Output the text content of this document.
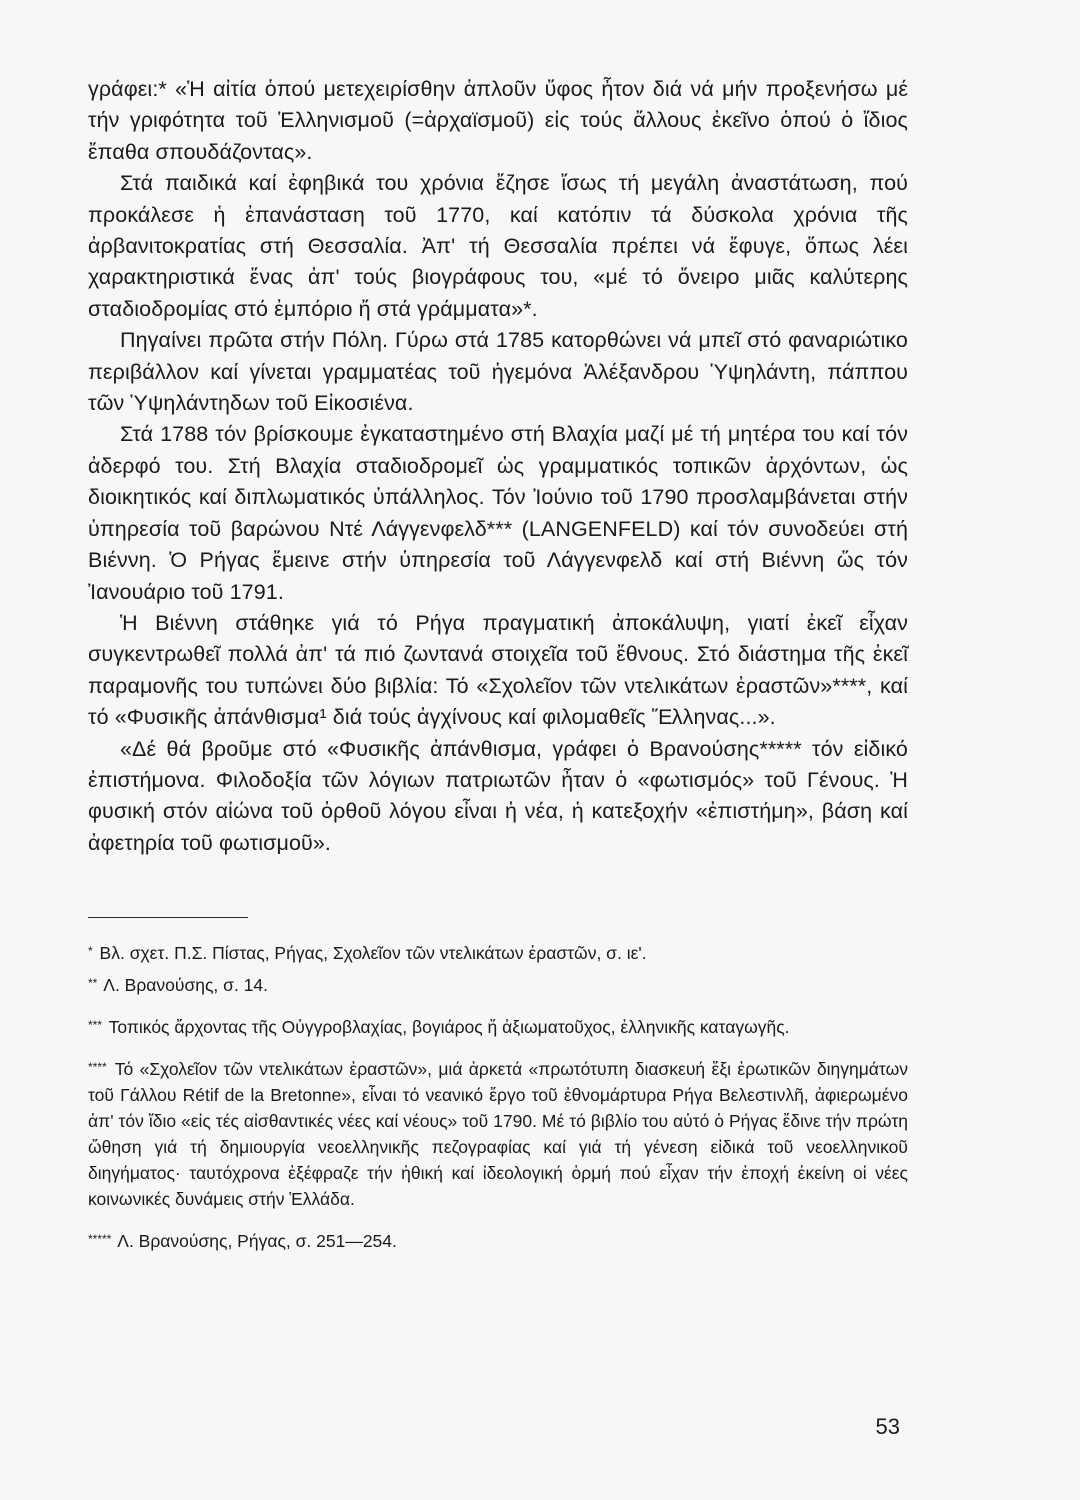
γράφει:* «Ἡ αἰτία ὁπού μετεχειρίσθην ἁπλοῦν ὕφος ἦτον διά νά μήν προξενήσω μέ τήν γριφότητα τοῦ Ἑλληνισμοῦ (=ἀρχαϊσμοῦ) εἰς τούς ἄλλους ἐκεῖνο ὁπού ὁ ἴδιος ἔπαθα σπουδάζοντας».

Στά παιδικά καί ἐφηβικά του χρόνια ἔζησε ἴσως τή μεγάλη ἀναστάτωση, πού προκάλεσε ἡ ἐπανάσταση τοῦ 1770, καί κατόπιν τά δύσκολα χρόνια τῆς ἀρβανιτοκρατίας στή Θεσσαλία. Ἀπ' τή Θεσσαλία πρέπει νά ἔφυγε, ὅπως λέει χαρακτηριστικά ἕνας ἀπ' τούς βιογράφους του, «μέ τό ὄνειρο μιᾶς καλύτερης σταδιοδρομίας στό ἐμπόριο ἤ στά γράμματα»*.

Πηγαίνει πρῶτα στήν Πόλη. Γύρω στά 1785 κατορθώνει νά μπεῖ στό φαναριώτικο περιβάλλον καί γίνεται γραμματέας τοῦ ἡγεμόνα Ἀλέξανδρου Ὑψηλάντη, πάππου τῶν Ὑψηλάντηδων τοῦ Εἰκοσιένα.

Στά 1788 τόν βρίσκουμε ἐγκαταστημένο στή Βλαχία μαζί μέ τή μητέρα του καί τόν ἀδερφό του. Στή Βλαχία σταδιοδρομεῖ ὡς γραμματικός τοπικῶν ἀρχόντων, ὡς διοικητικός καί διπλωματικός ὑπάλληλος. Τόν Ἰούνιο τοῦ 1790 προσλαμβάνεται στήν ὑπηρεσία τοῦ βαρώνου Ντέ Λάγγενφελδ*** (LANGENFELD) καί τόν συνοδεύει στή Βιέννη. Ὁ Ρήγας ἔμεινε στήν ὑπηρεσία τοῦ Λάγγενφελδ καί στή Βιέννη ὥς τόν Ἰανουάριο τοῦ 1791.

Ἡ Βιέννη στάθηκε γιά τό Ρήγα πραγματική ἀποκάλυψη, γιατί ἐκεῖ εἶχαν συγκεντρωθεῖ πολλά ἀπ' τά πιό ζωντανά στοιχεῖα τοῦ ἔθνους. Στό διάστημα τῆς ἐκεῖ παραμονῆς του τυπώνει δύο βιβλία: Τό «Σχολεῖον τῶν ντελικάτων ἐραστῶν»****, καί τό «Φυσικῆς ἀπάνθισμα¹ διά τούς ἀγχίνους καί φιλομαθεῖς Ἕλληνας...».

«Δέ θά βροῦμε στό «Φυσικῆς ἀπάνθισμα, γράφει ὁ Βρανούσης***** τόν εἰδικό ἐπιστήμονα. Φιλοδοξία τῶν λόγιων πατριωτῶν ἦταν ὁ «φωτισμός» τοῦ Γένους. Ἡ φυσική στόν αἰώνα τοῦ ὀρθοῦ λόγου εἶναι ἡ νέα, ἡ κατεξοχήν «ἐπιστήμη», βάση καί ἀφετηρία τοῦ φωτισμοῦ».

* Βλ. σχετ. Π.Σ. Πίστας, Ρήγας, Σχολεῖον τῶν ντελικάτων ἐραστῶν, σ. ιε'.

** Λ. Βρανούσης, σ. 14.

*** Τοπικός ἄρχοντας τῆς Οὐγγροβλαχίας, βογιάρος ἤ ἀξιωματοῦχος, ἑλληνικῆς καταγωγῆς.

**** Τό «Σχολεῖον τῶν ντελικάτων ἐραστῶν», μιά ἀρκετά «πρωτότυπη διασκευή ἕξι ἐρωτικῶν διηγημάτων τοῦ Γάλλου Rétif de la Bretonne», εἶναι τό νεανικό ἔργο τοῦ ἐθνομάρτυρα Ρήγα Βελεστινλῆ, ἀφιερωμένο ἀπ' τόν ἴδιο «εἰς τές αἰσθαντικές νέες καί νέους» τοῦ 1790. Μέ τό βιβλίο του αὐτό ὁ Ρήγας ἔδινε τήν πρώτη ὤθηση γιά τή δημιουργία νεοελληνικῆς πεζογραφίας καί γιά τή γένεση εἰδικά τοῦ νεοελληνικοῦ διηγήματος· ταυτόχρονα ἐξέφραζε τήν ἠθική καί ἰδεολογική ὁρμή πού εἶχαν τήν ἐποχή ἐκείνη οἱ νέες κοινωνικές δυνάμεις στήν Ἑλλάδα.

***** Λ. Βρανούσης, Ρήγας, σ. 251—254.

53
